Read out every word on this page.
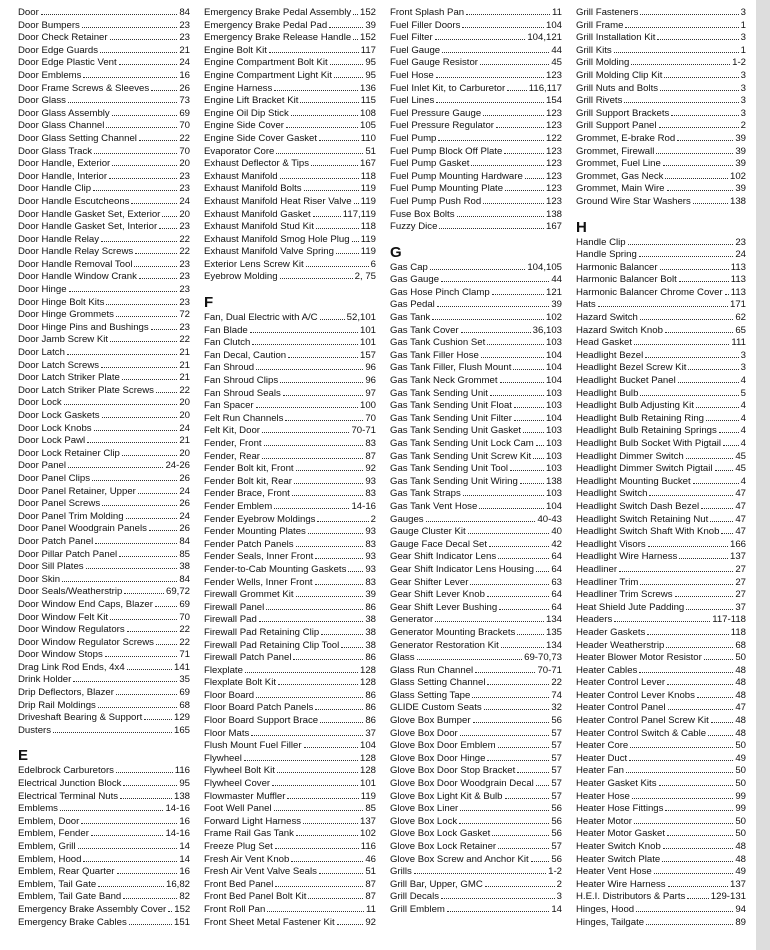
Door	84
Door Bumpers	23
Door Check Retainer	23
Door Edge Guards	21
Door Edge Plastic Vent	24
Door Emblems	16
Door Frame Screws & Sleeves	26
Door Glass	73
Door Glass Assembly	69
Door Glass Channel	70
Door Glass Setting Channel	22
Door Glass Track	70
Door Handle, Exterior	20
Door Handle, Interior	23
Door Handle Clip	23
Door Handle Escutcheons	24
Door Handle Gasket Set, Exterior 20
Door Handle Gasket Set, Interior 23
Door Handle Relay	22
Door Handle Relay Screws	22
Door Handle Removal Tool	23
Door Handle Window Crank	23
Door Hinge	23
Door Hinge Bolt Kits	23
Door Hinge Grommets	72
Door Hinge Pins and Bushings	23
Door Jamb Screw Kit	22
Door Latch	21
Door Latch Screws	21
Door Latch Striker Plate	21
Door Latch Striker Plate Screws	22
Door Lock	20
Door Lock Gaskets	20
Door Lock Knobs	24
Door Lock Pawl	21
Door Lock Retainer Clip	20
Door Panel	24-26
Door Panel Clips	26
Door Panel Retainer, Upper	24
Door Panel Screws	26
Door Panel Trim Molding	24
Door Panel Woodgrain Panels	26
Door Patch Panel	84
Door Pillar Patch Panel	85
Door Sill Plates	38
Door Skin	84
Door Seals/Weatherstrip	69,72
Door Window End Caps, Blazer	69
Door Window Felt Kit	70
Door Window Regulators	22
Door Window Regulator Screws	22
Door Window Stops	71
Drag Link Rod Ends, 4x4	141
Drink Holder	35
Drip Deflectors, Blazer	69
Drip Rail Moldings	68
Driveshaft Bearing & Support	129
Dusters	165
E
Edelbrock Carburetors	116
Electrical Junction Block	95
Electrical Terminal Nuts	138
Emblems	14-16
Emblem, Door	16
Emblem, Fender	14-16
Emblem, Grill	14
Emblem, Hood	14
Emblem, Rear Quarter	16
Emblem, Tail Gate	16,82
Emblem, Tail Gate Band	82
Emergency Brake Assembly Cover 152
Emergency Brake Cables	151
Emergency Brake Pedal Assembly 152
Emergency Brake Pedal Pad	39
Emergency Brake Release Handle 152
Engine Bolt Kit	117
Engine Compartment Bolt Kit	95
Engine Compartment Light Kit	95
Engine Harness	136
Engine Lift Bracket Kit	115
Engine Oil Dip Stick	108
Engine Side Cover	105
Engine Side Cover Gasket	110
Evaporator Core	51
Exhaust Deflector & Tips	167
Exhaust Manifold	118
Exhaust Manifold Bolts	119
Exhaust Manifold Heat Riser Valve 119
Exhaust Manifold Gasket	117,119
Exhaust Manifold Stud Kit	118
Exhaust Manifold Smog Hole Plug 119
Exhaust Manifold Valve Spring	119
Exterior Lens Screw Kit	6
Eyebrow Molding	2, 75
F
Fan, Dual Electric with A/C	52,101
Fan Blade	101
Fan Clutch	101
Fan Decal, Caution	157
Fan Shroud	96
Fan Shroud Clips	96
Fan Shroud Seals	97
Fan Spacer	100
Felt Run Channels	70
Felt Kit, Door	70-71
Fender, Front	83
Fender, Rear	87
Fender Bolt kit, Front	92
Fender Bolt kit, Rear	93
Fender Brace, Front	83
Fender Emblem	14-16
Fender Eyebrow Moldings	2
Fender Mounting Plates	93
Fender Patch Panels	83
Fender Seals, Inner Front	93
Fender-to-Cab Mounting Gaskets 93
Fender Wells, Inner Front	83
Firewall Grommet Kit	39
Firewall Panel	86
Firewall Pad	38
Firewall Pad Retaining Clip	38
Firewall Pad Retaining Clip Tool	38
Firewall Patch Panel	86
Flexplate	128
Flexplate Bolt Kit	128
Floor Board	86
Floor Board Patch Panels	86
Floor Board Support Brace	86
Floor Mats	37
Flush Mount Fuel Filler	104
Flywheel	128
Flywheel Bolt Kit	128
Flywheel Cover	101
Flowmaster Muffler	119
Foot Well Panel	85
Forward Light Harness	137
Frame Rail Gas Tank	102
Freeze Plug Set	116
Fresh Air Vent Knob	46
Fresh Air Vent Valve Seals	51
Front Bed Panel	87
Front Bed Panel Bolt Kit	87
Front Roll Pan	11
Front Sheet Metal Fastener Kit	92
Front Splash Pan	11
Fuel Filler Doors	104
Fuel Filter	104,121
Fuel Gauge	44
Fuel Gauge Resistor	45
Fuel Hose	123
Fuel Inlet Kit, to Carburetor 116,117
Fuel Lines	154
Fuel Pressure Gauge	123
Fuel Pressure Regulator	123
Fuel Pump	122
Fuel Pump Block Off Plate	123
Fuel Pump Gasket	123
Fuel Pump Mounting Hardware 123
Fuel Pump Mounting Plate	123
Fuel Pump Push Rod	123
Fuse Box Bolts	138
Fuzzy Dice	167
G
Gas Cap	104,105
Gas Gauge	44
Gas Hose Pinch Clamp	121
Gas Pedal	39
Gas Tank	102
Gas Tank Cover	36,103
Gas Tank Cushion Set	103
Gas Tank Filler Hose	104
Gas Tank Filler, Flush Mount	104
Gas Tank Neck Grommet	104
Gas Tank Sending Unit	103
Gas Tank Sending Unit Float	103
Gas Tank Sending Unit Filter	104
Gas Tank Sending Unit Gasket	103
Gas Tank Sending Unit Lock Cam 103
Gas Tank Sending Unit Screw Kit 103
Gas Tank Sending Unit Tool	103
Gas Tank Sending Unit Wiring	138
Gas Tank Straps	103
Gas Tank Vent Hose	104
Gauges	40-43
Gauge Cluster Kit	40
Gauge Face Decal Set	42
Gear Shift Indicator Lens	64
Gear Shift Indicator Lens Housing 64
Gear Shifter Lever	63
Gear Shift Lever Knob	64
Gear Shift Lever Bushing	64
Generator	134
Generator Mounting Brackets	135
Generator Restoration Kit	134
Glass	69-70,73
Glass Run Channel	70-71
Glass Setting Channel	22
Glass Setting Tape	74
GLIDE Custom Seats	32
Glove Box Bumper	56
Glove Box Door	57
Glove Box Door Emblem	57
Glove Box Door Hinge	57
Glove Box Door Stop Bracket	57
Glove Box Door Woodgrain Decal 57
Glove Box Light Kit & Bulb	57
Glove Box Liner	56
Glove Box Lock	56
Glove Box Lock Gasket	56
Glove Box Lock Retainer	57
Glove Box Screw and Anchor Kit 56
Grills	1-2
Grill Bar, Upper, GMC	2
Grill Decals	3
Grill Emblem	14
Grill Fasteners	3
Grill Frame	1
Grill Installation Kit	3
Grill Kits	1
Grill Molding	1-2
Grill Molding Clip Kit	3
Grill Nuts and Bolts	3
Grill Rivets	3
Grill Support Brackets	3
Grill Support Panel	2
Grommet, E-brake Rod	39
Grommet, Firewall	39
Grommet, Fuel Line	39
Grommet, Gas Neck	102
Grommet, Main Wire	39
Ground Wire Star Washers	138
H
Handle Clip	23
Handle Spring	24
Harmonic Balancer	113
Harmonic Balancer Bolt	113
Harmonic Balancer Chrome Cover 113
Hats	171
Hazard Switch	62
Hazard Switch Knob	65
Head Gasket	111
Headlight Bezel	3
Headlight Bezel Screw Kit	3
Headlight Bucket Panel	4
Headlight Bulb	5
Headlight Bulb Adjusting Kit	4
Headlight Bulb Retaining Ring	4
Headlight Bulb Retaining Springs 4
Headlight Bulb Socket With Pigtail 4
Headlight Dimmer Switch	45
Headlight Dimmer Switch Pigtail 45
Headlight Mounting Bucket	4
Headlight Switch	47
Headlight Switch Dash Bezel	47
Headlight Switch Retaining Nut	47
Headlight Switch Shaft With Knob 47
Headlight Visors	166
Headlight Wire Harness	137
Headliner	27
Headliner Trim	27
Headliner Trim Screws	27
Heat Shield Jute Padding	37
Headers	117-118
Header Gaskets	118
Header Weatherstrip	68
Heater Blower Motor Resistor	50
Heater Cables	48
Heater Control Lever	48
Heater Control Lever Knobs	48
Heater Control Panel	47
Heater Control Panel Screw Kit	48
Heater Control Switch & Cable	48
Heater Core	50
Heater Duct	49
Heater Fan	50
Heater Gasket Kits	50
Heater Hose	99
Heater Hose Fittings	99
Heater Motor	50
Heater Motor Gasket	50
Heater Switch Knob	48
Heater Switch Plate	48
Heater Vent Hose	49
Heater Wire Harness	137
H.E.I. Distributors & Parts	129-131
Hinges, Hood	94
Hinges, Tailgate	89
